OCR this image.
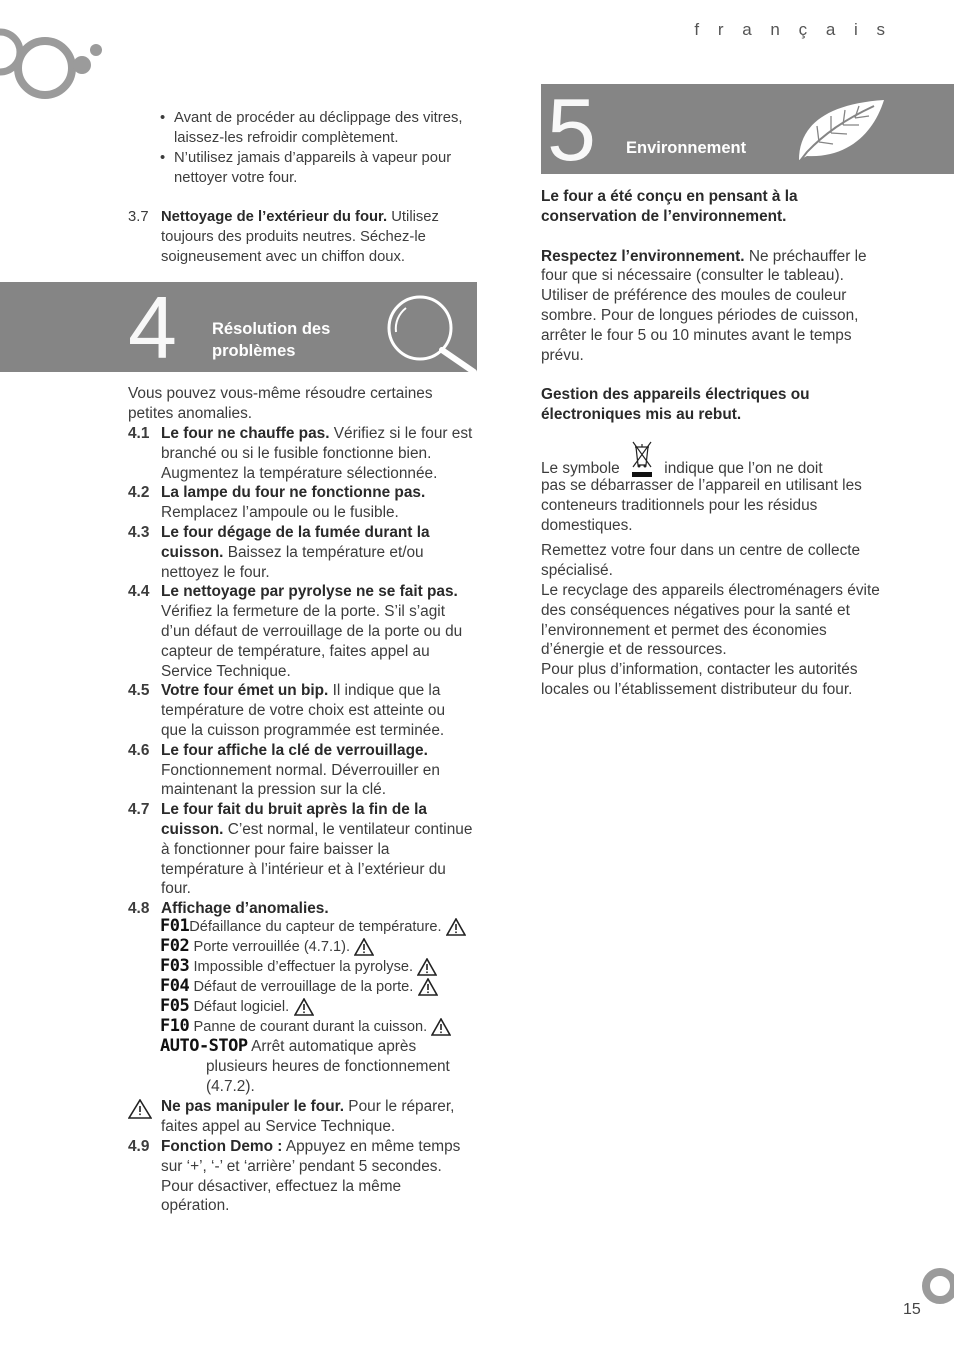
f r a n ç a i s
15
• Avant de procéder au déclippage des vitres, laissez-les refroidir complètement.
• N’utilisez jamais d’appareils à vapeur pour nettoyer votre four.
3.7 Nettoyage de l’extérieur du four. Utilisez toujours des produits neutres. Séchez-le soigneusement avec un chiffon doux.
4 Résolution des
problèmes
Vous pouvez vous-même résoudre certaines petites anomalies.
4.1 Le four ne chauffe pas. Vérifiez si le four est branché ou si le fusible fonctionne bien. Augmentez la température sélectionnée.
4.2 La lampe du four ne fonctionne pas. Remplacez l’ampoule ou le fusible.
4.3 Le four dégage de la fumée durant la cuisson. Baissez la température et/ou nettoyez le four.
4.4 Le nettoyage par pyrolyse ne se fait pas. Vérifiez la fermeture de la porte. S’il s’agit d’un défaut de verrouillage de la porte ou du capteur de température, faites appel au Service Technique.
4.5 Votre four émet un bip. Il indique que la température de votre choix est atteinte ou que la cuisson programmée est terminée.
4.6 Le four affiche la clé de verrouillage. Fonctionnement normal. Déverrouiller en maintenant la pression sur la clé.
4.7 Le four fait du bruit après la fin de la cuisson. C’est normal, le ventilateur continue à fonctionner pour faire baisser la température à l’intérieur et à l’extérieur du four.
4.8 Affichage d’anomalies.
F01Défaillance du capteur de température.
F02 Porte verrouillée (4.7.1).
F03 Impossible d’effectuer la pyrolyse.
F04 Défaut de verrouillage de la porte.
F05 Défaut logiciel.
F10 Panne de courant durant la cuisson.
AUTO-STOP Arrêt automatique après
plusieurs heures de fonctionnement
(4.7.2).
Ne pas manipuler le four. Pour le réparer, faites appel au Service Technique.
4.9 Fonction Demo : Appuyez en même temps sur ‘+’, ‘-’ et ‘arrière’ pendant 5 secondes. Pour désactiver, effectuez la même opération.
5 Environnement

Le four a été conçu en pensant à la conservation de l’environnement.

Respectez l’environnement. Ne préchauffer le four que si nécessaire (consulter le tableau). Utiliser de préférence des moules de couleur sombre. Pour de longues périodes de cuisson, arrêter le four 5 ou 10 minutes avant le temps prévu.

Gestion des appareils électriques ou électroniques mis au rebut.

Le symbole	indique que l’on ne doit
pas se débarrasser de l’appareil en utilisant les conteneurs traditionnels pour les résidus domestiques.

Remettez votre four dans un centre de collecte spécialisé.

Le recyclage des appareils électroménagers évite des conséquences négatives pour la santé et l’environnement et permet des économies d’énergie et de ressources.

Pour plus d’information, contacter les autorités locales ou l’établissement distributeur du four.
